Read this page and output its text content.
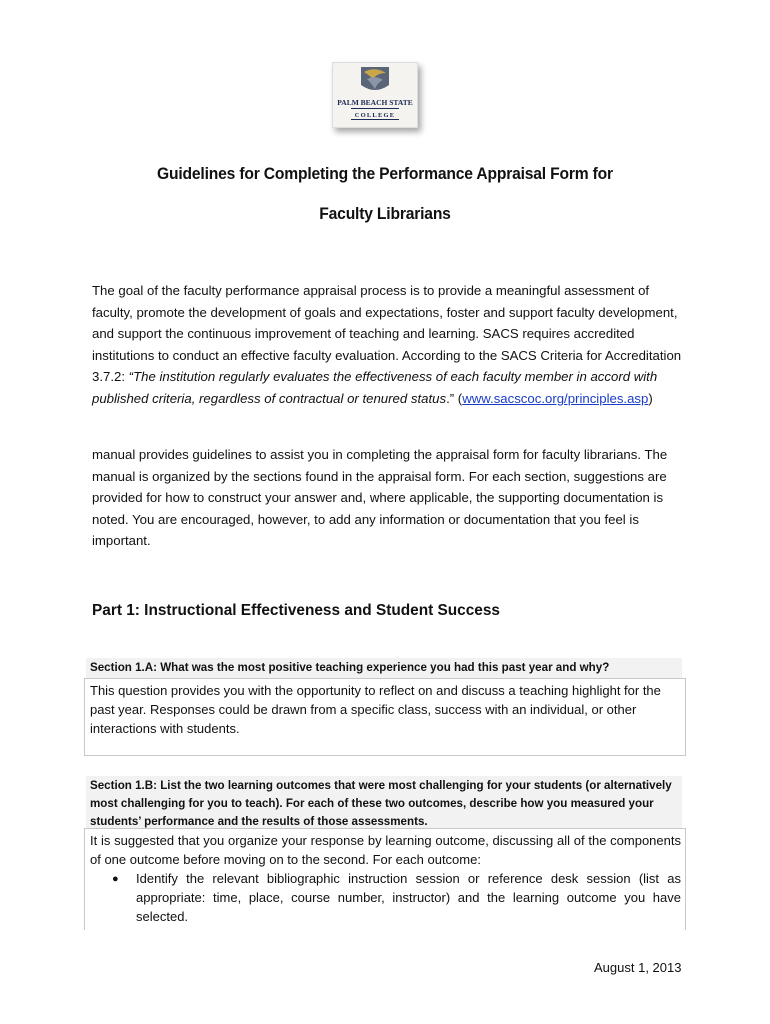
PALM BEACH STATE
COLLEGE
Guidelines for Completing the Performance Appraisal Form for
Faculty Librarians
The goal of the faculty performance appraisal process is to provide a meaningful assessment of faculty, promote the development of goals and expectations, foster and support faculty development, and support the continuous improvement of teaching and learning. SACS requires accredited institutions to conduct an effective faculty evaluation. According to the SACS Criteria for Accreditation 3.7.2: “The institution regularly evaluates the effectiveness of each faculty member in accord with published criteria, regardless of contractual or tenured status.” (www.sacscoc.org/principles.asp)
manual provides guidelines to assist you in completing the appraisal form for faculty librarians. The manual is organized by the sections found in the appraisal form. For each section, suggestions are provided for how to construct your answer and, where applicable, the supporting documentation is noted. You are encouraged, however, to add any information or documentation that you feel is important.
Part 1: Instructional Effectiveness and Student Success
Section 1.A: What was the most positive teaching experience you had this past year and why?
This question provides you with the opportunity to reflect on and discuss a teaching highlight for the past year. Responses could be drawn from a specific class, success with an individual, or other interactions with students.
Section 1.B: List the two learning outcomes that were most challenging for your students (or alternatively most challenging for you to teach). For each of these two outcomes, describe how you measured your students’ performance and the results of those assessments.
It is suggested that you organize your response by learning outcome, discussing all of the components of one outcome before moving on to the second. For each outcome:
●	Identify the relevant bibliographic instruction session or reference desk session (list as appropriate: time, place, course number, instructor) and the learning outcome you have selected.
August 1, 2013
